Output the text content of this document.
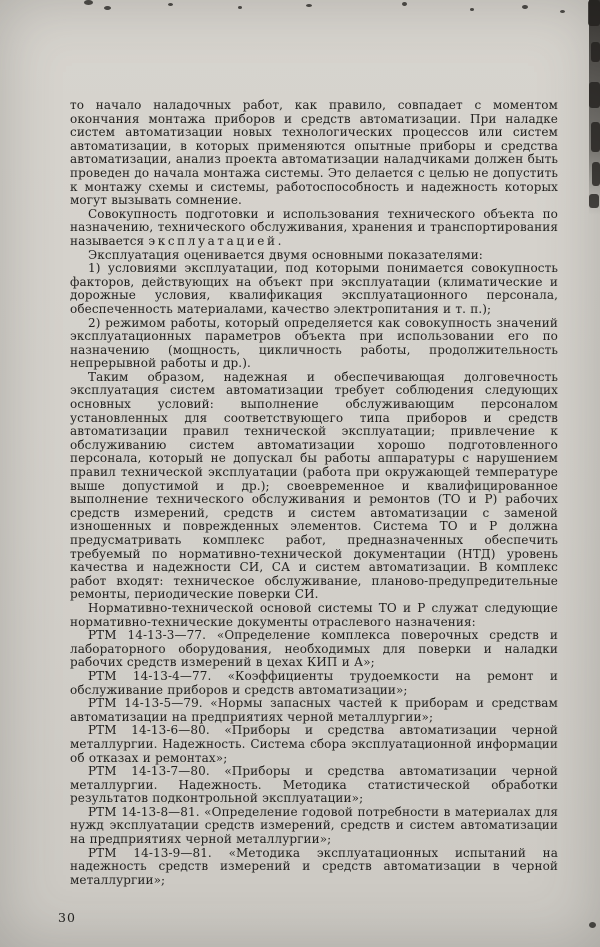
то начало наладочных работ, как правило, совпадает с моментом окончания монтажа приборов и средств автоматизации. При наладке систем автоматизации новых технологических процессов или систем автоматизации, в которых применяются опытные приборы и средства автоматизации, анализ проекта автоматизации наладчиками должен быть проведен до начала монтажа системы. Это делается с целью не допустить к монтажу схемы и системы, работоспособность и надежность которых могут вызывать сомнение.

Совокупность подготовки и использования технического объекта по назначению, технического обслуживания, хранения и транспортирования называется эксплуатацией.

Эксплуатация оценивается двумя основными показателями:

1) условиями эксплуатации, под которыми понимается совокупность факторов, действующих на объект при эксплуатации (климатические и дорожные условия, квалификация эксплуатационного персонала, обеспеченность материалами, качество электропитания и т. п.);

2) режимом работы, который определяется как совокупность значений эксплуатационных параметров объекта при использовании его по назначению (мощность, цикличность работы, продолжительность непрерывной работы и др.).

Таким образом, надежная и обеспечивающая долговечность эксплуатация систем автоматизации требует соблюдения следующих основных условий: выполнение обслуживающим персоналом установленных для соответствующего типа приборов и средств автоматизации правил технической эксплуатации; привлечение к обслуживанию систем автоматизации хорошо подготовленного персонала, который не допускал бы работы аппаратуры с нарушением правил технической эксплуатации (работа при окружающей температуре выше допустимой и др.); своевременное и квалифицированное выполнение технического обслуживания и ремонтов (ТО и Р) рабочих средств измерений, средств и систем автоматизации с заменой изношенных и поврежденных элементов. Система ТО и Р должна предусматривать комплекс работ, предназначенных обеспечить требуемый по нормативно-технической документации (НТД) уровень качества и надежности СИ, СА и систем автоматизации. В комплекс работ входят: техническое обслуживание, планово-предупредительные ремонты, периодические поверки СИ.

Нормативно-технической основой системы ТО и Р служат следующие нормативно-технические документы отраслевого назначения:

РТМ 14-13-3—77. «Определение комплекса поверочных средств и лабораторного оборудования, необходимых для поверки и наладки рабочих средств измерений в цехах КИП и А»;

РТМ 14-13-4—77. «Коэффициенты трудоемкости на ремонт и обслуживание приборов и средств автоматизации»;

РТМ 14-13-5—79. «Нормы запасных частей к приборам и средствам автоматизации на предприятиях черной металлургии»;

РТМ 14-13-6—80. «Приборы и средства автоматизации черной металлургии. Надежность. Система сбора эксплуатационной информации об отказах и ремонтах»;

РТМ 14-13-7—80. «Приборы и средства автоматизации черной металлургии. Надежность. Методика статистической обработки результатов подконтрольной эксплуатации»;

РТМ 14-13-8—81. «Определение годовой потребности в материалах для нужд эксплуатации средств измерений, средств и систем автоматизации на предприятиях черной металлургии»;

РТМ 14-13-9—81. «Методика эксплуатационных испытаний на надежность средств измерений и средств автоматизации в черной металлургии»;

30
